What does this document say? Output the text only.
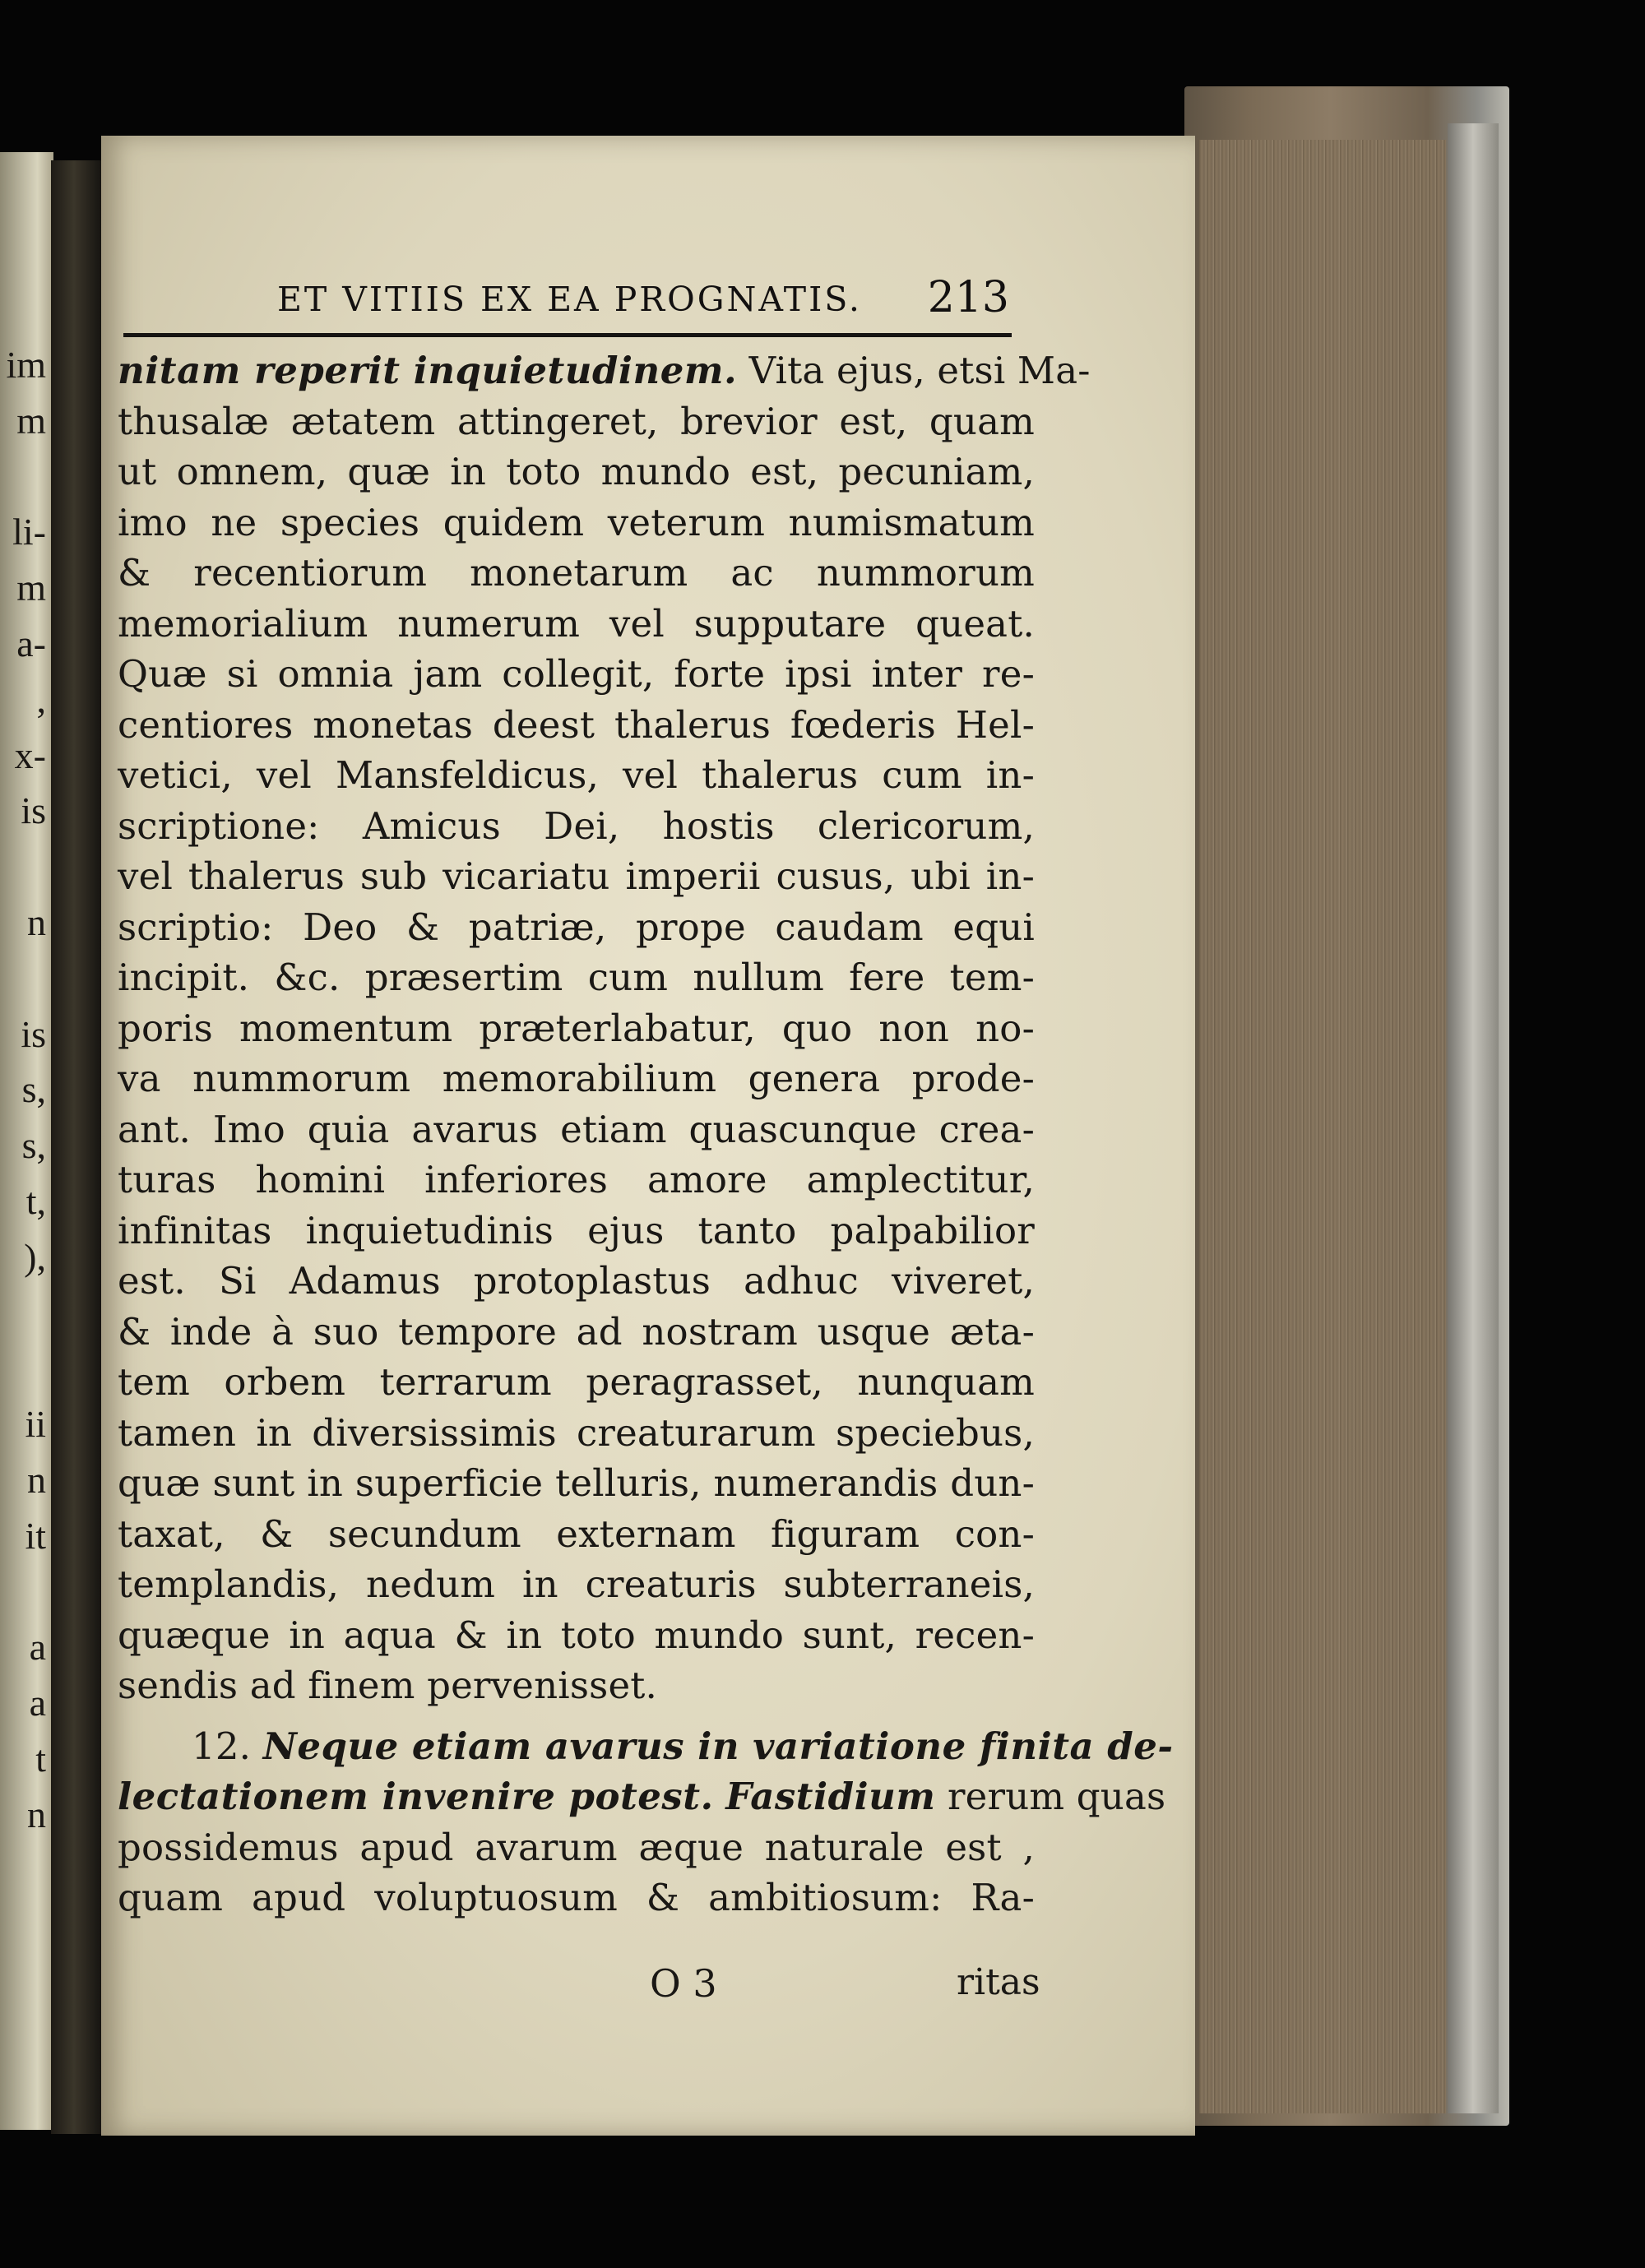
im
m
li-
m
a-
,
x-
is
n
is
s,
s,
t,
),
ii
n
it
a
a
t
n
ET VITIIS EX EA PROGNATIS. 213
nitam reperit inquietudinem. Vita ejus, etsi Ma-
thusalæ ætatem attingeret, brevior est, quam
ut omnem, quæ in toto mundo est, pecuniam,
imo ne species quidem veterum numismatum
& recentiorum monetarum ac nummorum
memorialium numerum vel supputare queat.
Quæ si omnia jam collegit, forte ipsi inter re-
centiores monetas deest thalerus fœderis Hel-
vetici, vel Mansfeldicus, vel thalerus cum in-
scriptione: Amicus Dei, hostis clericorum,
vel thalerus sub vicariatu imperii cusus, ubi in-
scriptio: Deo & patriæ, prope caudam equi
incipit. &c. præsertim cum nullum fere tem-
poris momentum præterlabatur, quo non no-
va nummorum memorabilium genera prode-
ant. Imo quia avarus etiam quascunque crea-
turas homini inferiores amore amplectitur,
infinitas inquietudinis ejus tanto palpabilior
est. Si Adamus protoplastus adhuc viveret,
& inde à suo tempore ad nostram usque æta-
tem orbem terrarum peragrasset, nunquam
tamen in diversissimis creaturarum speciebus,
quæ sunt in superficie telluris, numerandis dun-
taxat, & secundum externam figuram con-
templandis, nedum in creaturis subterraneis,
quæque in aqua & in toto mundo sunt, recen-
sendis ad finem pervenisset.
12. Neque etiam avarus in variatione finita de-
lectationem invenire potest. Fastidium rerum quas
possidemus apud avarum æque naturale est ,
quam apud voluptuosum & ambitiosum: Ra-
O 3	ritas
